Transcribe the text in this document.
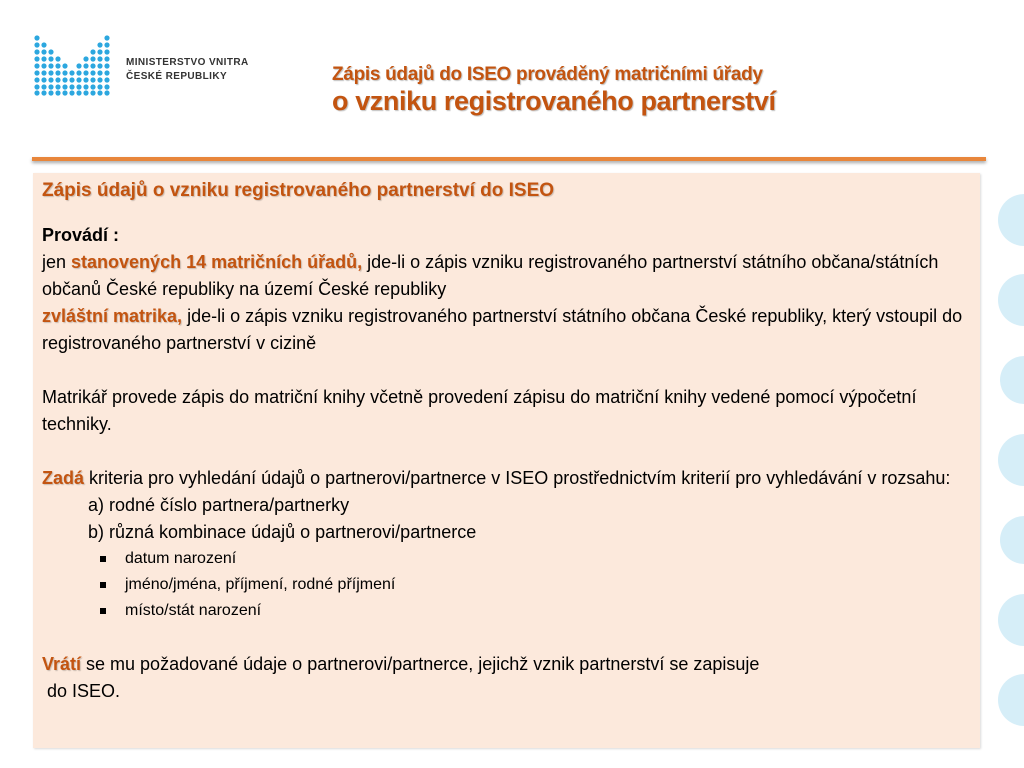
MINISTERSTVO VNITRA
ČESKÉ REPUBLIKY	Zápis údajů do ISEO prováděný matričními úřady
o vzniku registrovaného partnerství

Zápis údajů o vzniku registrovaného partnerství do ISEO

Provádí :

jen stanovených 14 matričních úřadů, jde-li o zápis vzniku registrovaného partnerství státního občana/státních občanů České republiky na území České republiky

zvláštní matrika, jde-li o zápis vzniku registrovaného partnerství státního občana České republiky, který vstoupil do registrovaného partnerství v cizině

Matrikář provede zápis do matriční knihy včetně provedení zápisu do matriční knihy vedené pomocí výpočetní techniky.

Zadá kriteria pro vyhledání údajů o partnerovi/partnerce v ISEO prostřednictvím kriterií pro vyhledávání v rozsahu:

a) rodné číslo partnera/partnerky

b) různá kombinace údajů o partnerovi/partnerce

datum narození
jméno/jména, příjmení, rodné příjmení
místo/stát narození

Vrátí se mu požadované údaje o partnerovi/partnerce, jejichž vznik partnerství se zapisuje

do ISEO.
